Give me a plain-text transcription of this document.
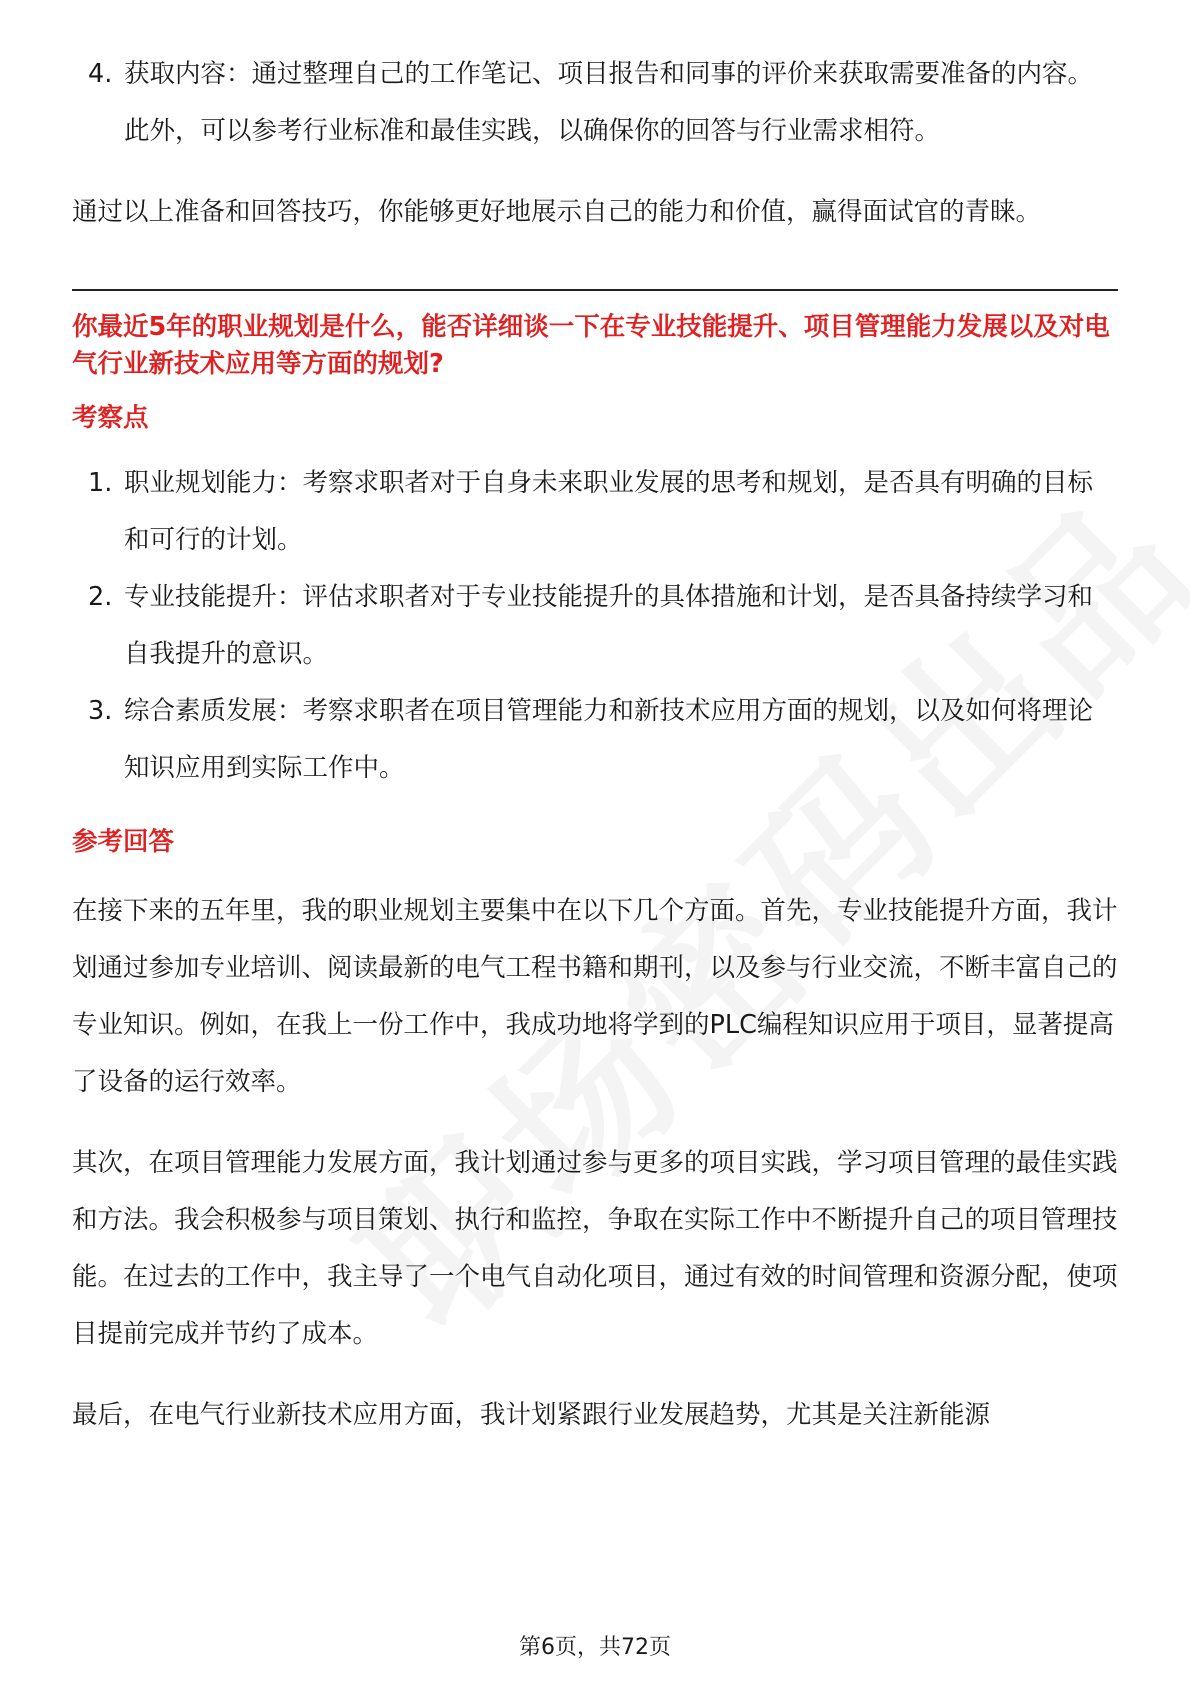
4. 获取内容：通过整理自己的工作笔记、项目报告和同事的评价来获取需要准备的内容。此外，可以参考行业标准和最佳实践，以确保你的回答与行业需求相符。

通过以上准备和回答技巧，你能够更好地展示自己的能力和价值，赢得面试官的青睐。

你最近5年的职业规划是什么，能否详细谈一下在专业技能提升、项目管理能力发展以及对电气行业新技术应用等方面的规划?

考察点

1. 职业规划能力：考察求职者对于自身未来职业发展的思考和规划，是否具有明确的目标和可行的计划。
2. 专业技能提升：评估求职者对于专业技能提升的具体措施和计划，是否具备持续学习和自我提升的意识。
3. 综合素质发展：考察求职者在项目管理能力和新技术应用方面的规划，以及如何将理论知识应用到实际工作中。

参考回答

在接下来的五年里，我的职业规划主要集中在以下几个方面。首先，专业技能提升方面，我计划通过参加专业培训、阅读最新的电气工程书籍和期刊，以及参与行业交流，不断丰富自己的专业知识。例如，在我上一份工作中，我成功地将学到的PLC编程知识应用于项目，显著提高了设备的运行效率。

其次，在项目管理能力发展方面，我计划通过参与更多的项目实践，学习项目管理的最佳实践和方法。我会积极参与项目策划、执行和监控，争取在实际工作中不断提升自己的项目管理技能。在过去的工作中，我主导了一个电气自动化项目，通过有效的时间管理和资源分配，使项目提前完成并节约了成本。

最后，在电气行业新技术应用方面，我计划紧跟行业发展趋势，尤其是关注新能源

第6页，共72页
